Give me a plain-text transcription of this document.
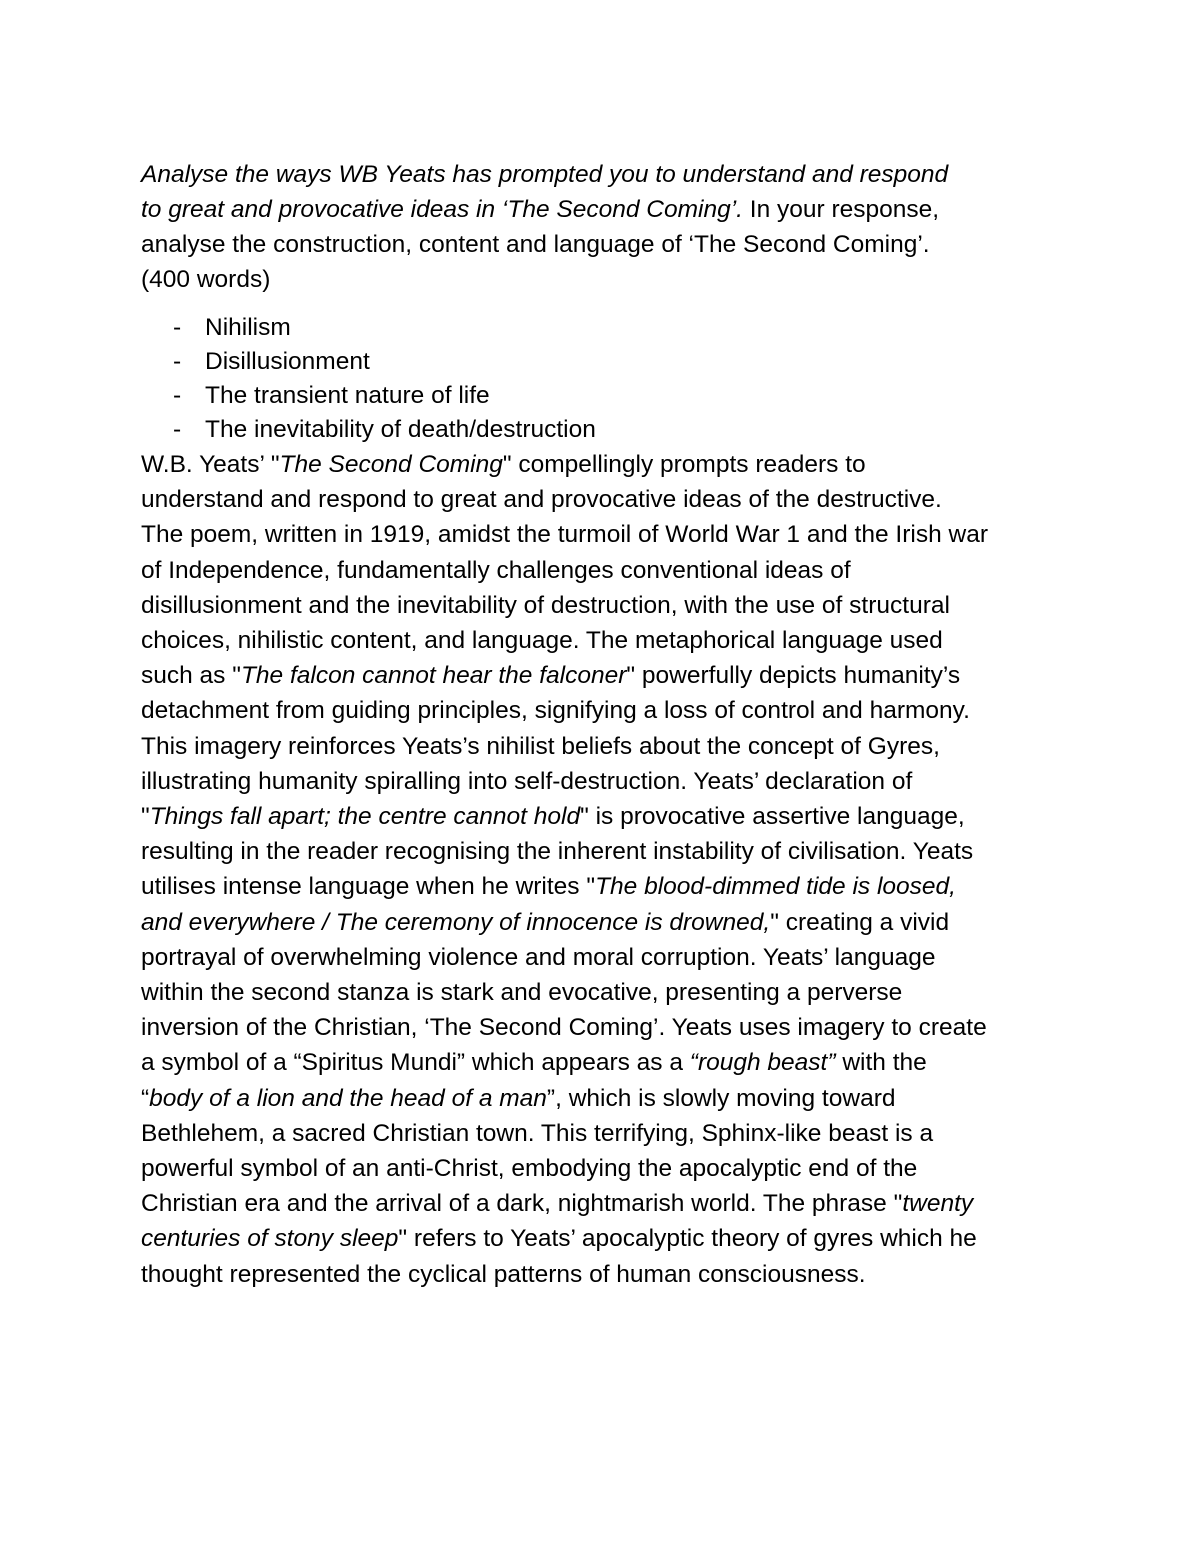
Analyse the ways WB Yeats has prompted you to understand and respond
to great and provocative ideas in ‘The Second Coming’. In your response,
analyse the construction, content and language of ‘The Second Coming’.
(400 words)

- Nihilism
- Disillusionment
- The transient nature of life
- The inevitability of death/destruction

W.B. Yeats’ "The Second Coming" compellingly prompts readers to
understand and respond to great and provocative ideas of the destructive.
The poem, written in 1919, amidst the turmoil of World War 1 and the Irish war
of Independence, fundamentally challenges conventional ideas of
disillusionment and the inevitability of destruction, with the use of structural
choices, nihilistic content, and language. The metaphorical language used
such as "The falcon cannot hear the falconer" powerfully depicts humanity’s
detachment from guiding principles, signifying a loss of control and harmony.
This imagery reinforces Yeats’s nihilist beliefs about the concept of Gyres,
illustrating humanity spiralling into self-destruction. Yeats’ declaration of
"Things fall apart; the centre cannot hold" is provocative assertive language,
resulting in the reader recognising the inherent instability of civilisation. Yeats
utilises intense language when he writes "The blood-dimmed tide is loosed,
and everywhere / The ceremony of innocence is drowned," creating a vivid
portrayal of overwhelming violence and moral corruption. Yeats’ language
within the second stanza is stark and evocative, presenting a perverse
inversion of the Christian, ‘The Second Coming’. Yeats uses imagery to create
a symbol of a “Spiritus Mundi” which appears as a “rough beast” with the
“body of a lion and the head of a man”, which is slowly moving toward
Bethlehem, a sacred Christian town. This terrifying, Sphinx-like beast is a
powerful symbol of an anti-Christ, embodying the apocalyptic end of the
Christian era and the arrival of a dark, nightmarish world. The phrase "twenty
centuries of stony sleep" refers to Yeats’ apocalyptic theory of gyres which he
thought represented the cyclical patterns of human consciousness.
